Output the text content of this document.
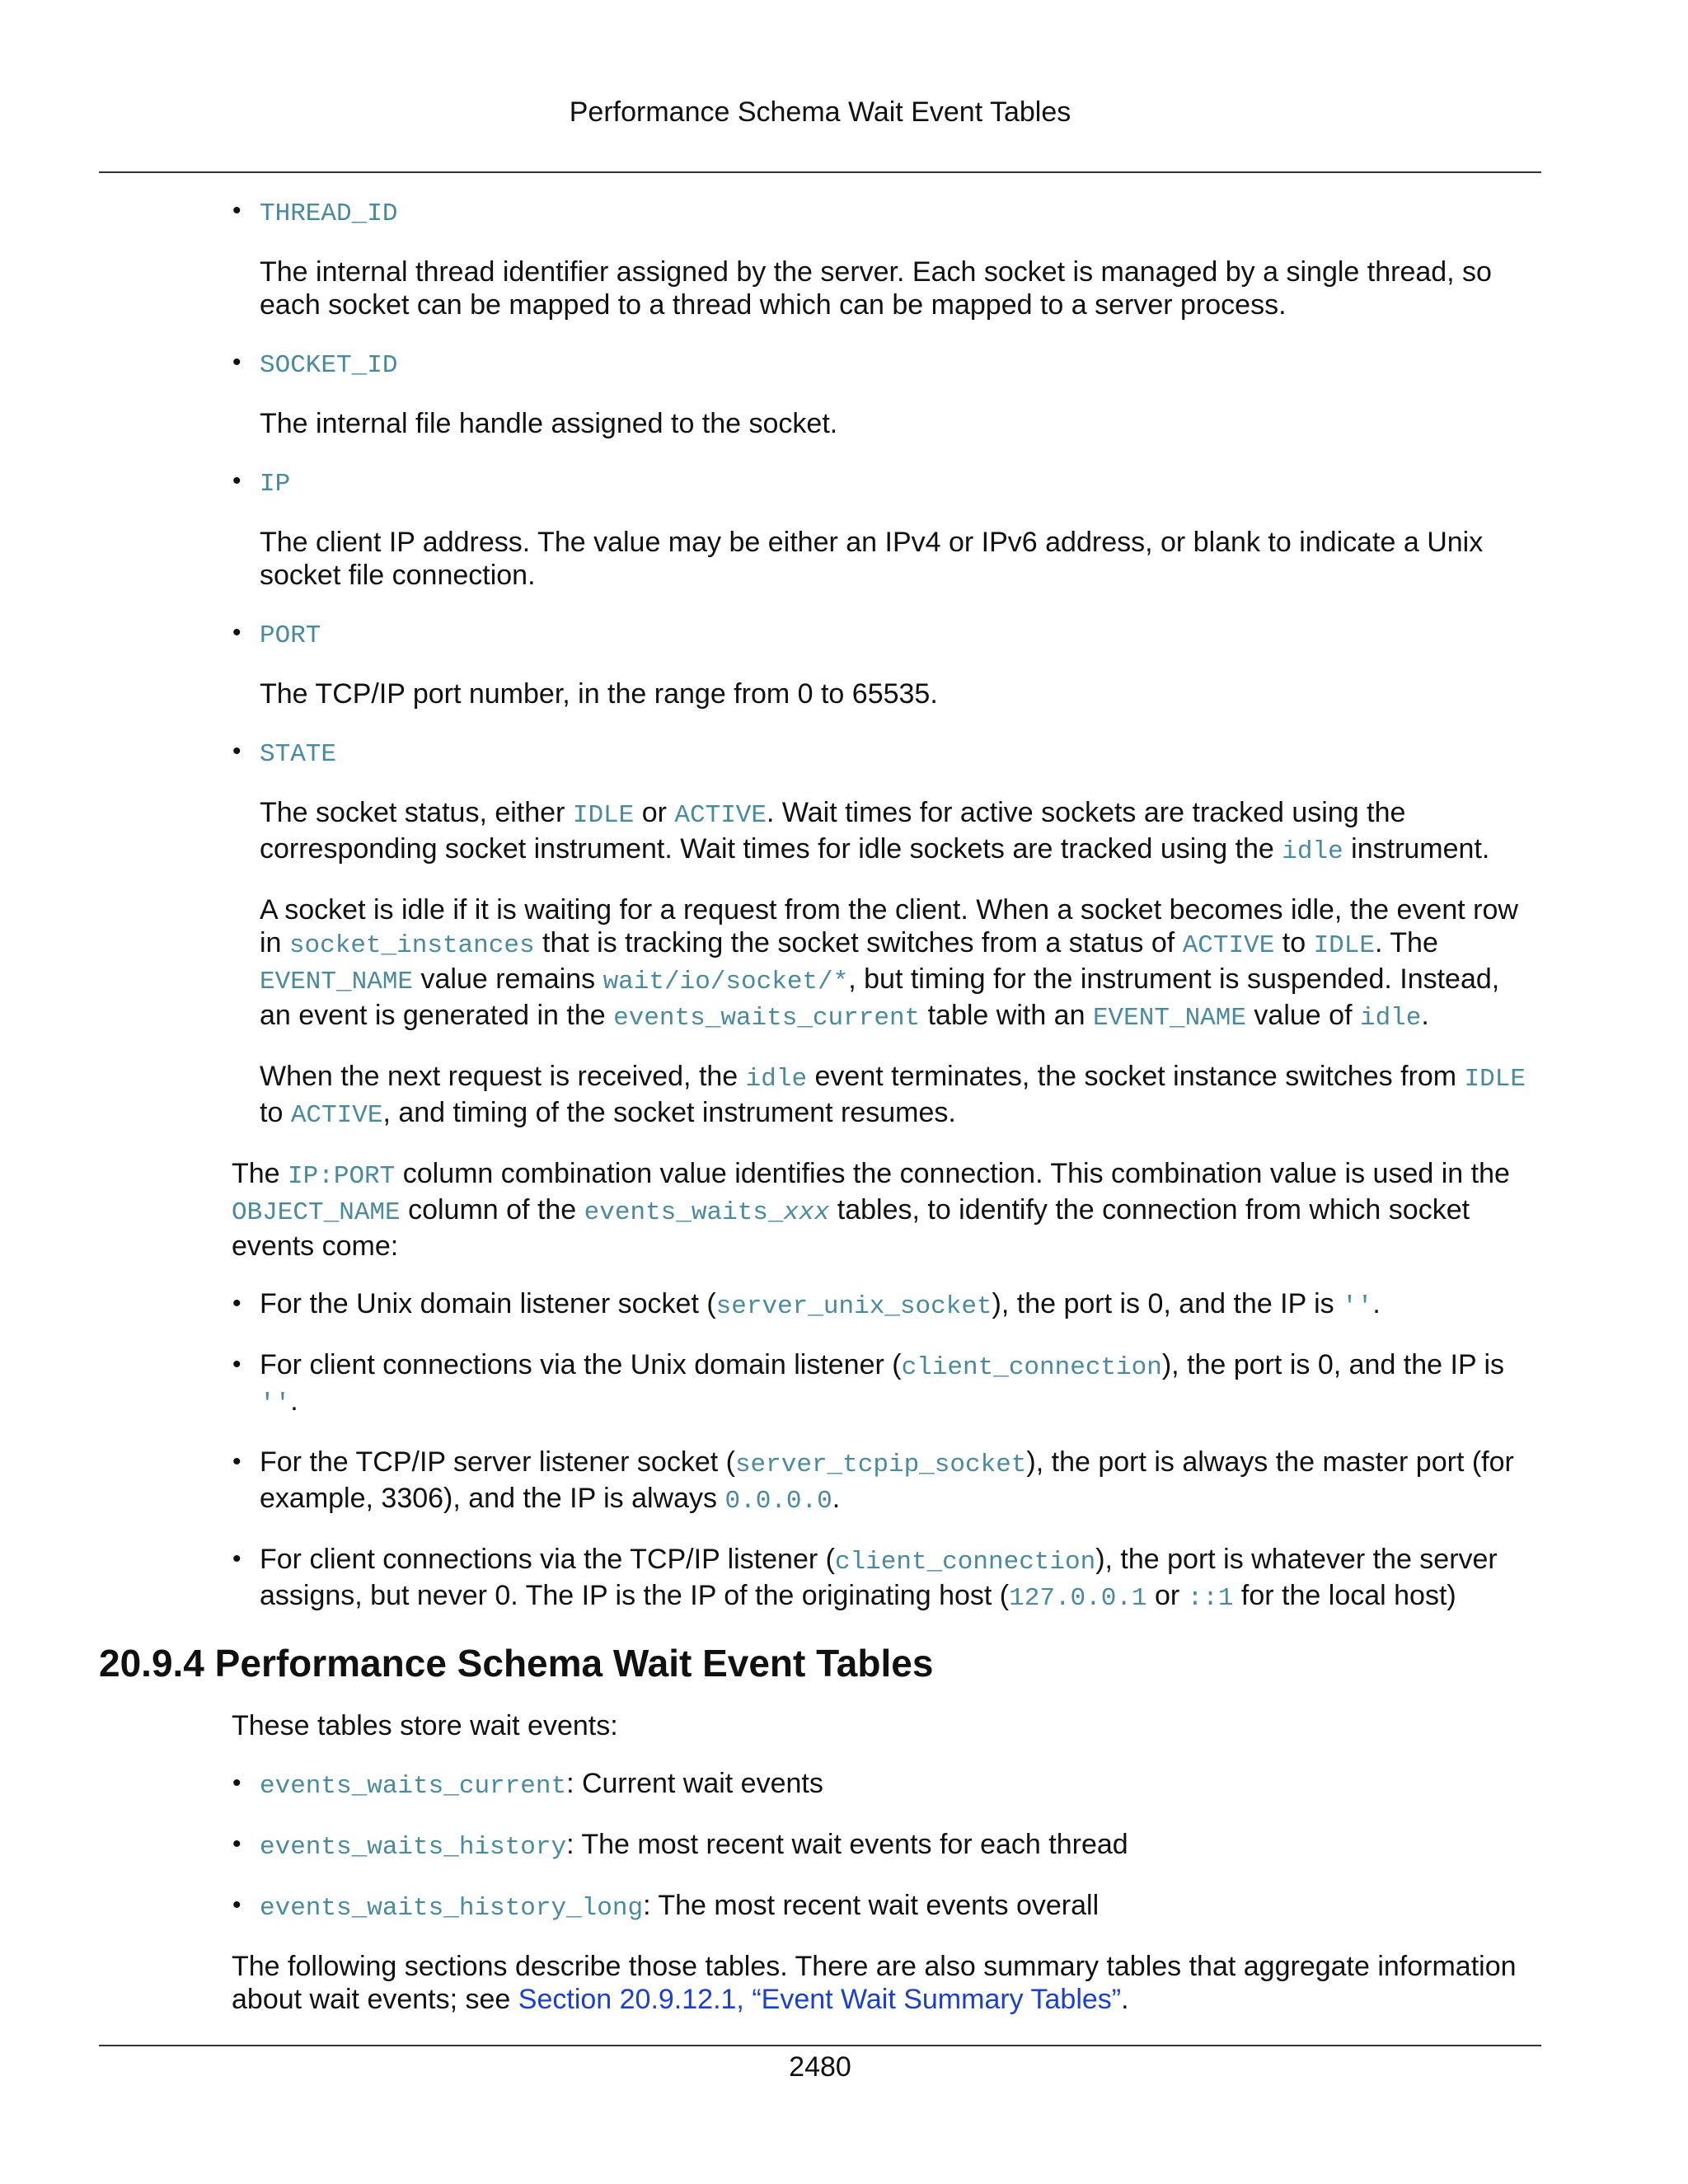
Performance Schema Wait Event Tables
• THREAD_ID

The internal thread identifier assigned by the server. Each socket is managed by a single thread, so each socket can be mapped to a thread which can be mapped to a server process.

• SOCKET_ID

The internal file handle assigned to the socket.

• IP

The client IP address. The value may be either an IPv4 or IPv6 address, or blank to indicate a Unix socket file connection.

• PORT

The TCP/IP port number, in the range from 0 to 65535.

• STATE

The socket status, either IDLE or ACTIVE. Wait times for active sockets are tracked using the corresponding socket instrument. Wait times for idle sockets are tracked using the idle instrument.

A socket is idle if it is waiting for a request from the client. When a socket becomes idle, the event row in socket_instances that is tracking the socket switches from a status of ACTIVE to IDLE. The EVENT_NAME value remains wait/io/socket/*, but timing for the instrument is suspended. Instead, an event is generated in the events_waits_current table with an EVENT_NAME value of idle.

When the next request is received, the idle event terminates, the socket instance switches from IDLE to ACTIVE, and timing of the socket instrument resumes.

The IP:PORT column combination value identifies the connection. This combination value is used in the OBJECT_NAME column of the events_waits_xxx tables, to identify the connection from which socket events come:

• For the Unix domain listener socket (server_unix_socket), the port is 0, and the IP is ''.

• For client connections via the Unix domain listener (client_connection), the port is 0, and the IP is ''.

• For the TCP/IP server listener socket (server_tcpip_socket), the port is always the master port (for example, 3306), and the IP is always 0.0.0.0.

• For client connections via the TCP/IP listener (client_connection), the port is whatever the server assigns, but never 0. The IP is the IP of the originating host (127.0.0.1 or ::1 for the local host)

20.9.4 Performance Schema Wait Event Tables

These tables store wait events:

• events_waits_current: Current wait events

• events_waits_history: The most recent wait events for each thread

• events_waits_history_long: The most recent wait events overall

The following sections describe those tables. There are also summary tables that aggregate information about wait events; see Section 20.9.12.1, “Event Wait Summary Tables”.

2480
